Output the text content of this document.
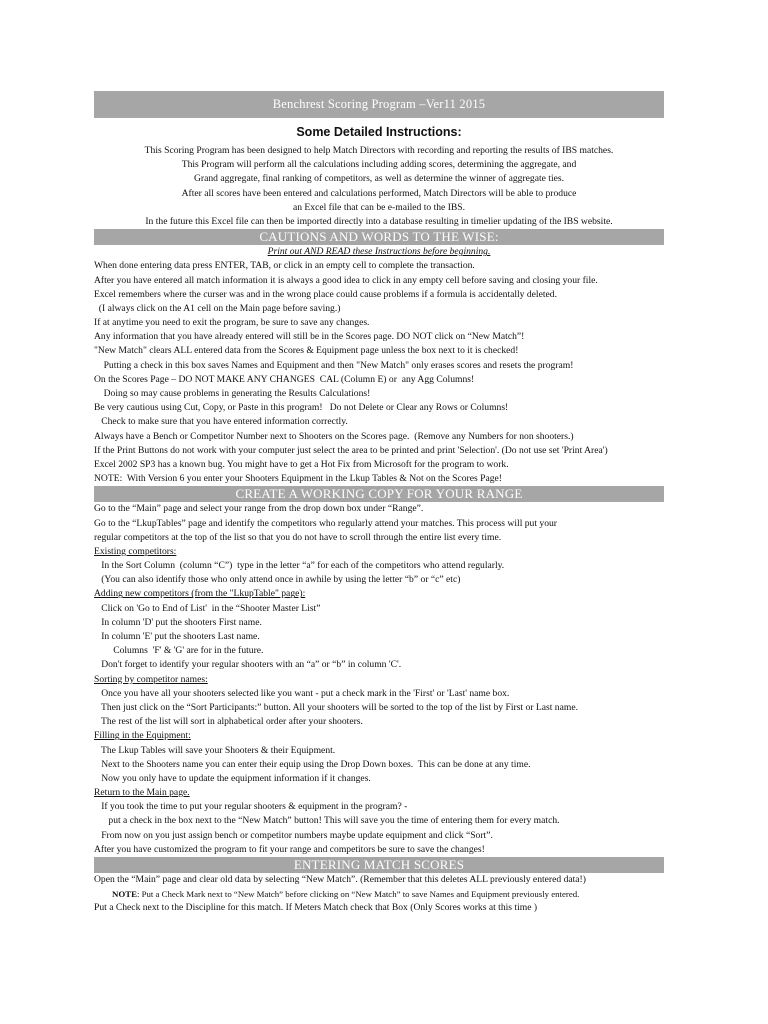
Benchrest Scoring Program –Ver11 2015
Some Detailed Instructions:
This Scoring Program has been designed to help Match Directors with recording and reporting the results of IBS matches.
This Program will perform all the calculations including adding scores, determining the aggregate, and
Grand aggregate, final ranking of competitors, as well as determine the winner of aggregate ties.
After all scores have been entered and calculations performed, Match Directors will be able to produce
an Excel file that can be e-mailed to the IBS.
In the future this Excel file can then be imported directly into a database resulting in timelier updating of the IBS website.
CAUTIONS AND WORDS TO THE WISE:
Print out AND READ these Instructions before beginning.
When done entering data press ENTER, TAB, or click in an empty cell to complete the transaction.
After you have entered all match information it is always a good idea to click in any empty cell before saving and closing your file.
Excel remembers where the curser was and in the wrong place could cause problems if a formula is accidentally deleted.
(I always click on the A1 cell on the Main page before saving.)
If at anytime you need to exit the program, be sure to save any changes.
Any information that you have already entered will still be in the Scores page. DO NOT click on “New Match”!
"New Match" clears ALL entered data from the Scores & Equipment page unless the box next to it is checked!
Putting a check in this box saves Names and Equipment and then "New Match" only erases scores and resets the program!
On the Scores Page – DO NOT MAKE ANY CHANGES  CAL (Column E) or  any Agg Columns!
Doing so may cause problems in generating the Results Calculations!
Be very cautious using Cut, Copy, or Paste in this program!   Do not Delete or Clear any Rows or Columns!
Check to make sure that you have entered information correctly.
Always have a Bench or Competitor Number next to Shooters on the Scores page.  (Remove any Numbers for non shooters.)
If the Print Buttons do not work with your computer just select the area to be printed and print 'Selection'. (Do not use set 'Print Area')
Excel 2002 SP3 has a known bug. You might have to get a Hot Fix from Microsoft for the program to work.
NOTE:  With Version 6 you enter your Shooters Equipment in the Lkup Tables & Not on the Scores Page!
CREATE A WORKING COPY FOR YOUR RANGE
Go to the “Main” page and select your range from the drop down box under “Range”.
Go to the “LkupTables” page and identify the competitors who regularly attend your matches. This process will put your
regular competitors at the top of the list so that you do not have to scroll through the entire list every time.
Existing competitors:
In the Sort Column  (column “C”)  type in the letter “a” for each of the competitors who attend regularly.
(You can also identify those who only attend once in awhile by using the letter “b” or “c” etc)
Adding new competitors (from the "LkupTable" page):
Click on 'Go to End of List'  in the “Shooter Master List”
In column 'D' put the shooters First name.
In column 'E' put the shooters Last name.
Columns  'F' & 'G' are for in the future.
Don't forget to identify your regular shooters with an “a” or “b” in column 'C'.
Sorting by competitor names:
Once you have all your shooters selected like you want - put a check mark in the 'First' or 'Last' name box.
Then just click on the “Sort Participants:” button. All your shooters will be sorted to the top of the list by First or Last name.
The rest of the list will sort in alphabetical order after your shooters.
Filling in the Equipment:
The Lkup Tables will save your Shooters & their Equipment.
Next to the Shooters name you can enter their equip using the Drop Down boxes.  This can be done at any time.
Now you only have to update the equipment information if it changes.
Return to the Main page.
If you took the time to put your regular shooters & equipment in the program? -
put a check in the box next to the “New Match” button! This will save you the time of entering them for every match.
From now on you just assign bench or competitor numbers maybe update equipment and click “Sort”.
After you have customized the program to fit your range and competitors be sure to save the changes!
ENTERING MATCH SCORES
Open the “Main” page and clear old data by selecting “New Match”. (Remember that this deletes ALL previously entered data!)
NOTE: Put a Check Mark next to “New Match” before clicking on “New Match” to save Names and Equipment previously entered.
Put a Check next to the Discipline for this match. If Meters Match check that Box (Only Scores works at this time )
